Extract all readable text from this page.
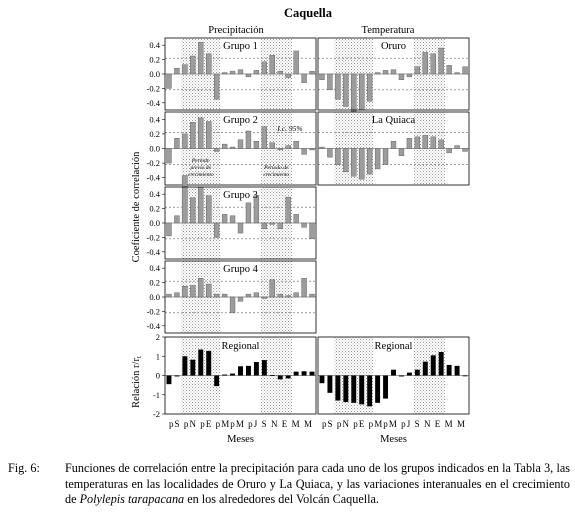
Caquella
Precipitación	Temperatura
Coeficiente de correlación
Relación r/rt
Grupo 1
0.4
0.2
0.0
-0.2
-0.4
Oruro
Grupo 2
0.4
0.2
0.0
-0.2
-0.4
I.c. 95%
Período
previo de
crecimiento
Período de
crecimiento
La Quiaca
Grupo 3
0.4
0.2
0.0
-0.2
-0.4
Grupo 4
0.4
0.2
0.0
-0.2
-0.4
Regional
2
1
0
-1
-2
pS pN pE pMpM pJ S N E M M
Meses
Regional
pS pN pE pMpM pJ S N E M M
Meses
Fig. 6:	Funciones de correlación entre la precipitación para cada uno de los grupos indicados en la Tabla 3, las temperaturas en las localidades de Oruro y La Quiaca, y las variaciones interanuales en el crecimiento de Polylepis tarapacana en los alrededores del Volcán Caquella.
